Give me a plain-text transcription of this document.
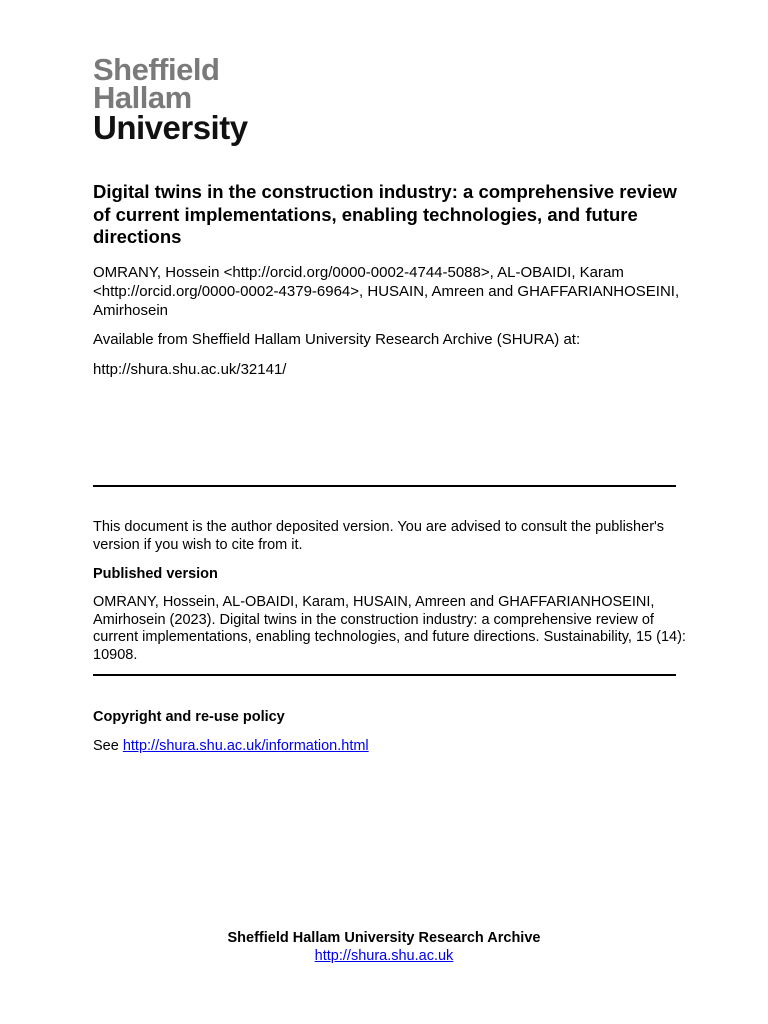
Sheffield
Hallam
University
Digital twins in the construction industry: a comprehensive review of current implementations, enabling technologies, and future directions

OMRANY, Hossein <http://orcid.org/0000-0002-4744-5088>, AL-OBAIDI, Karam <http://orcid.org/0000-0002-4379-6964>, HUSAIN, Amreen and GHAFFARIANHOSEINI, Amirhosein

Available from Sheffield Hallam University Research Archive (SHURA) at:

http://shura.shu.ac.uk/32141/

This document is the author deposited version. You are advised to consult the publisher's version if you wish to cite from it.

Published version

OMRANY, Hossein, AL-OBAIDI, Karam, HUSAIN, Amreen and GHAFFARIANHOSEINI, Amirhosein (2023). Digital twins in the construction industry: a comprehensive review of current implementations, enabling technologies, and future directions. Sustainability, 15 (14): 10908.

Copyright and re-use policy

See http://shura.shu.ac.uk/information.html

Sheffield Hallam University Research Archive
http://shura.shu.ac.uk
